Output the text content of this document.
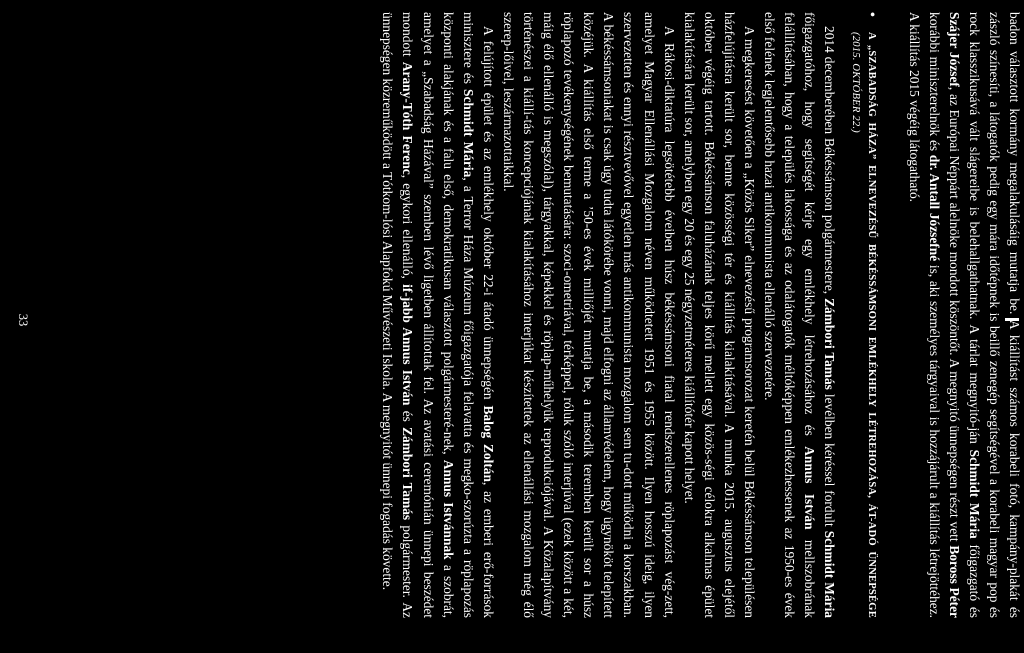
badon választott kormány megalakulásáig mutatja be. A kiállítást számos korabeli fotó, kampány-plakát és zászló színesíti, a látogatók pedig egy mára időtépnek is beillő zenegép segítségével a korabeli magyar pop és rock klasszikusává vált slágereibe is belehallgathatnak. A tárlat megnyitó-ján Schmidt Mária főigazgató és Szájer József, az Európai Néppárt alelnöke mondott köszöntőt. A megnyitó ünnepségen részt vett Boross Péter korábbi miniszterelnök és dr. Antall Józsefné is, aki személyes tárgyaival is hozzájárult a kiállítás létrejöttéhez. A kiállítás 2015 végéig látogatható.

•
A „SZABADSÁG HÁZA” ELNEVEZÉSŰ BÉKÉSSÁMSONI EMLÉKHELY LÉTREHOZÁSA, ÁT-ADÓ ÜNNEPSÉGE (2015. OKTÓBER 22.)

2014 decemberében Békéssámson polgármestere, Zámbori Tamás levélben kéréssel fordult Schmidt Mária főigazgatóhoz, hogy segítségét kérje egy emlékhely létrehozásához és Annus István mellszobrának felállításában, hogy a település lakossága és az odalátogatók méltóképpen emlékezhessenek az 1950-es évek első felének legjelentősebb hazai antikommunista ellenálló szervezetére.

A megkeresést követően a „Közös Siker” elnevezésű programsorozat keretén belül Békéssámson településen házfelújításra került sor, benne közösségi tér és kiállítás kialakításával. A munka 2015. augusztus elejétől október végéig tartott. Békéssámson faluházának teljes körű mellett egy közös-ségi célokra alkalmas épület kialakítására került sor, amelyben egy 20 és egy 25 négyzetméteres kiállítótér kapott helyet.

A Rákosi-diktatúra legsötétebb éveiben húsz békéssámsoni fiatal rendszerellenes röplapozást vég-zett, amelyet Magyar Ellenállási Mozgalom néven működtetett 1951 és 1955 között. Ilyen hosszú ideig, ilyen szervezetten és ennyi résztvevővel egyetlen más antikommunista mozgalom sem tu-dott működni a korszakban. A békéssámsoniakat is csak úgy tudta látókörébe vonni, majd elfogni az államvédelem, hogy ügynököt telepített közéjük. A kiállítás első terme a ’50-es évek milliőjét mutatja be, a második teremben került sor a húsz röplapozó tevékenységének bemutatására: szoci-ometriával, térképpel, róluk szóló interjúval (ezek között a két, máig élő ellenálló is megszólal), tárgyakkal, képekkel és röplap-műhelyük reprodukciójával. A Közalapítvány történészei a kiállí-tás koncepciójának kialakításához interjúkat készítettek az ellenállási mozgalom még élő szerep-lőivel, leszármazottaikkal.

A felújított épület és az emlékhely október 22-i átadó ünnepségén Balog Zoltán, az emberi erő-források minisztere és Schmidt Mária, a Terror Háza Múzeum főigazgatója felavatta és megko-szorúzta a röplapozás központi alakjának és a falu első, demokratikusan választott polgármesteré-nek, Annus Istvánnak a szobrát, amelyet a „Szabadság Házával” szemben lévő ligetben állítottak fel. Az avatási ceremónián ünnepi beszédet mondott Arany-Tóth Ferenc, egykori ellenálló, if-jabb Annus István és Zámbori Tamás polgármester. Az ünnepségen közreműködött a Tótkom-lósi Alapfokú Művészeti Iskola. A megnyitót ünnepi fogadás követte.

33
